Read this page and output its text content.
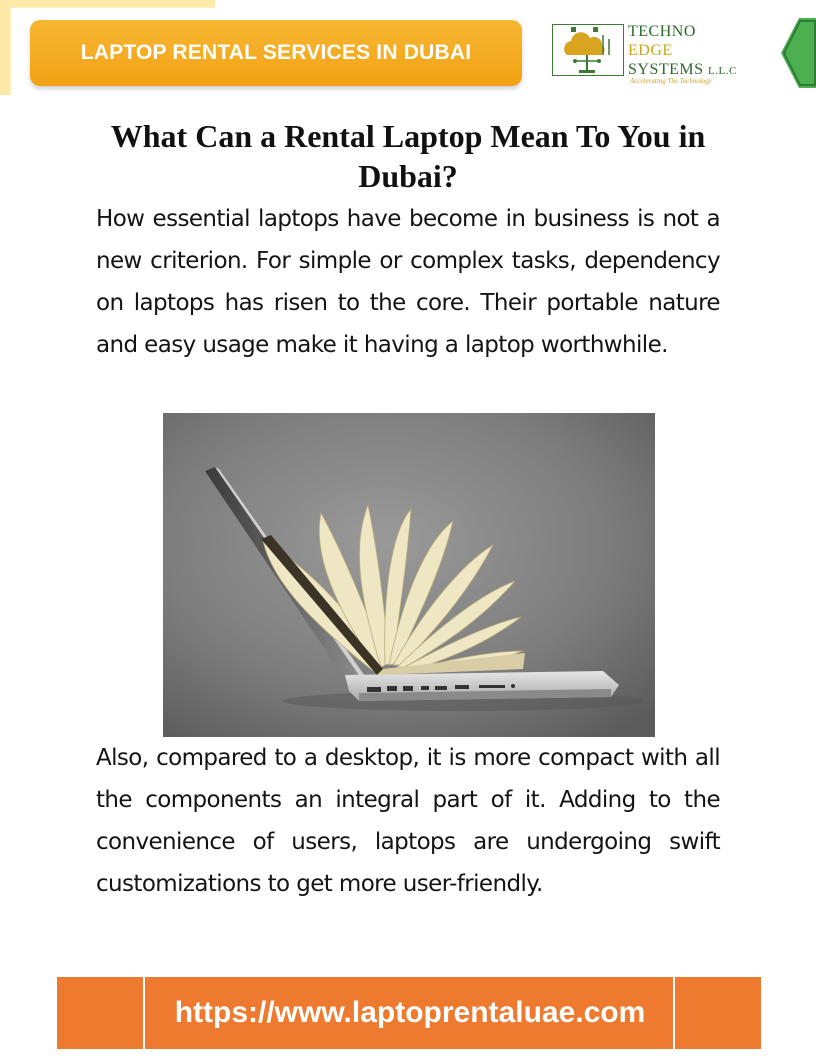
LAPTOP RENTAL SERVICES IN DUBAI
TECHNO
EDGE
SYSTEMS L.L.C
Accelerating The Technology
What Can a Rental Laptop Mean To You in Dubai?

How essential laptops have become in business is not a new criterion. For simple or complex tasks, dependency on laptops has risen to the core. Their portable nature and easy usage make it having a laptop worthwhile.

Also, compared to a desktop, it is more compact with all the components an integral part of it. Adding to the convenience of users, laptops are undergoing swift customizations to get more user-friendly.

https://www.laptoprentaluae.com
